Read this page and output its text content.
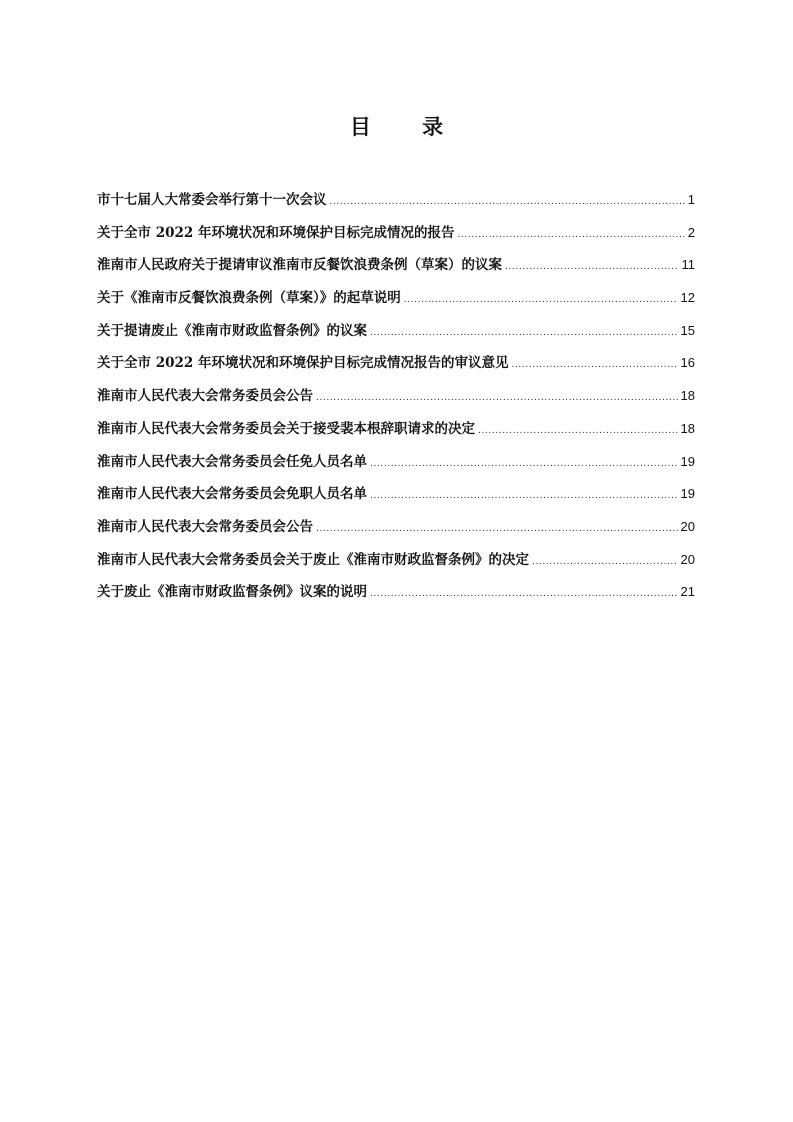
目 录
市十七届人大常委会举行第十一次会议 .....	1
关于全市 2022 年环境状况和环境保护目标完成情况的报告 .....	2
淮南市人民政府关于提请审议淮南市反餐饮浪费条例（草案）的议案 .....	11
关于《淮南市反餐饮浪费条例（草案）》的起草说明 .....	12
关于提请废止《淮南市财政监督条例》的议案 .....	15
关于全市 2022 年环境状况和环境保护目标完成情况报告的审议意见 .....	16
淮南市人民代表大会常务委员会公告 .....	18
淮南市人民代表大会常务委员会关于接受裴本根辞职请求的决定 .....	18
淮南市人民代表大会常务委员会任免人员名单 .....	19
淮南市人民代表大会常务委员会免职人员名单 .....	19
淮南市人民代表大会常务委员会公告 .....	20
淮南市人民代表大会常务委员会关于废止《淮南市财政监督条例》的决定 .....	20
关于废止《淮南市财政监督条例》议案的说明 .....	21
